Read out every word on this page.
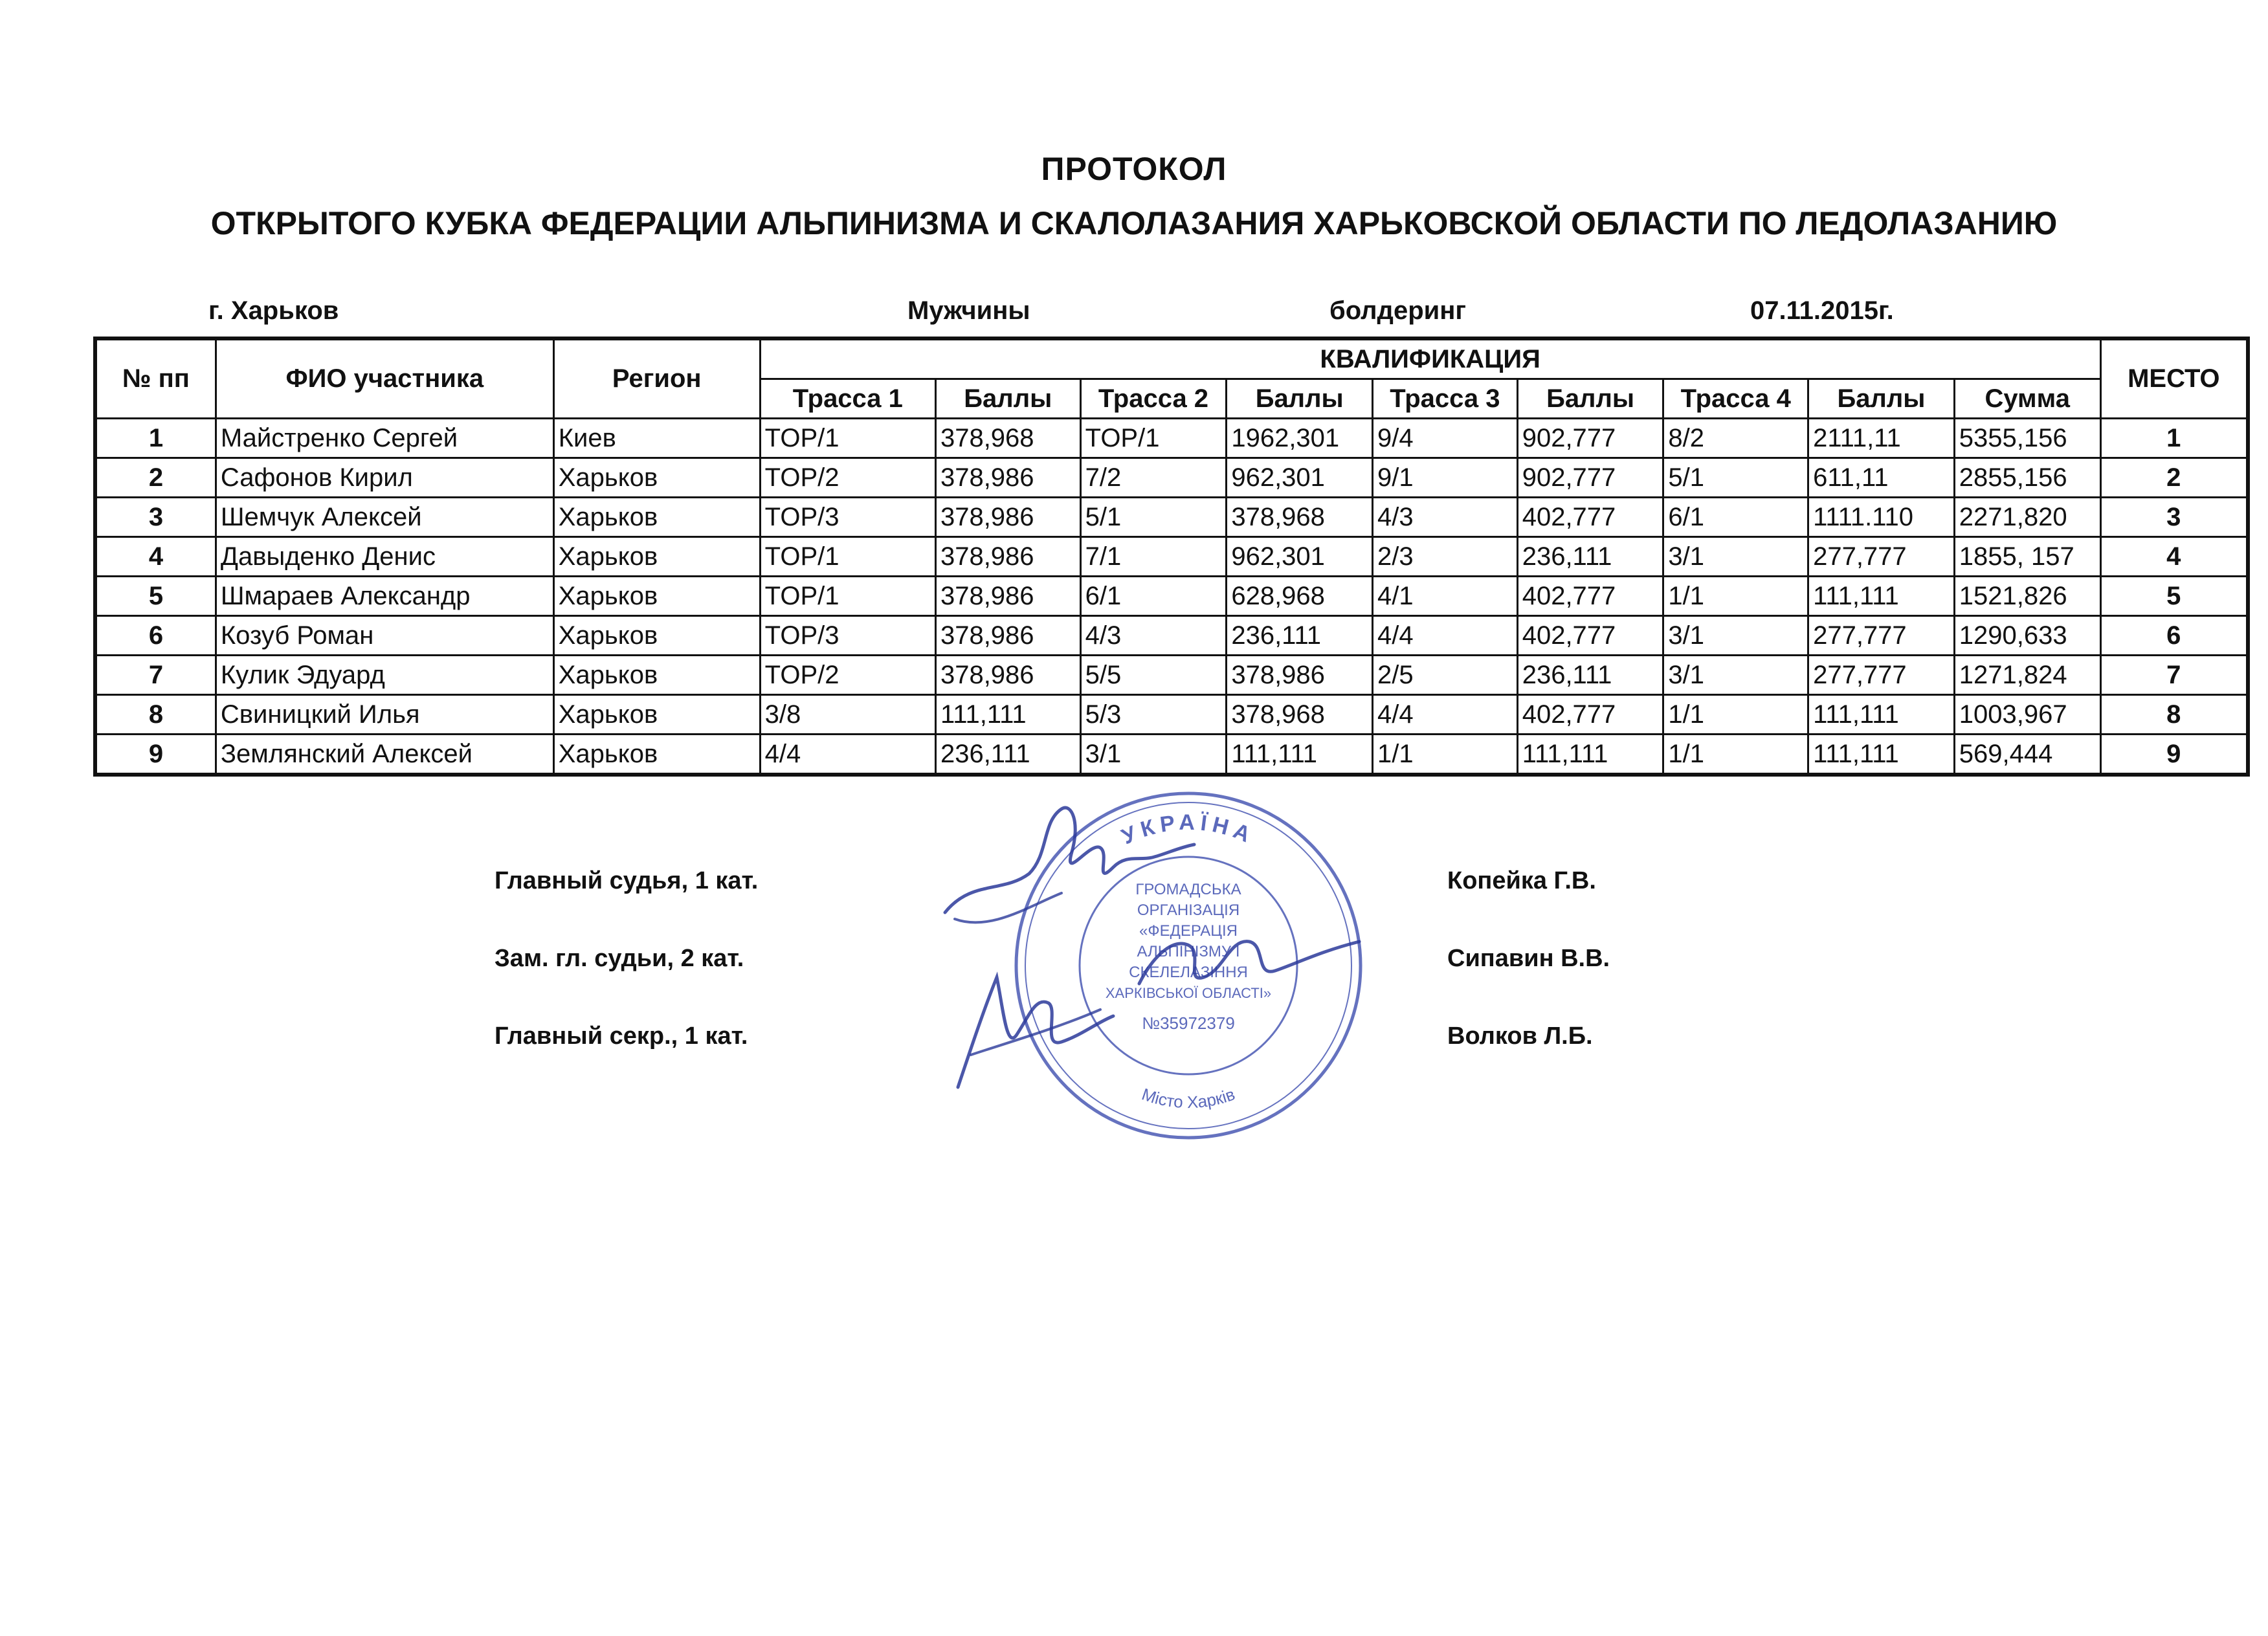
ПРОТОКОЛ
ОТКРЫТОГО КУБКА ФЕДЕРАЦИИ АЛЬПИНИЗМА И СКАЛОЛАЗАНИЯ ХАРЬКОВСКОЙ ОБЛАСТИ ПО ЛЕДОЛАЗАНИЮ
г. Харьков	Мужчины	болдеринг	07.11.2015г.
№ пп	ФИО участника	Регион	КВАЛИФИКАЦИЯ									МЕСТО
			Трасса 1	Баллы	Трасса 2	Баллы	Трасса 3	Баллы	Трасса 4	Баллы	Сумма	
1	Майстренко Сергей	Киев	TOP/1	378,968	TOP/1	1962,301	9/4	902,777	8/2	2111,11	5355,156	1
2	Сафонов Кирил	Харьков	TOP/2	378,986	7/2	962,301	9/1	902,777	5/1	611,11	2855,156	2
3	Шемчук Алексей	Харьков	TOP/3	378,986	5/1	378,968	4/3	402,777	6/1	1111.110	2271,820	3
4	Давыденко Денис	Харьков	TOP/1	378,986	7/1	962,301	2/3	236,111	3/1	277,777	1855, 157	4
5	Шмараев Александр	Харьков	TOP/1	378,986	6/1	628,968	4/1	402,777	1/1	111,111	1521,826	5
6	Козуб Роман	Харьков	TOP/3	378,986	4/3	236,111	4/4	402,777	3/1	277,777	1290,633	6
7	Кулик Эдуард	Харьков	TOP/2	378,986	5/5	378,986	2/5	236,111	3/1	277,777	1271,824	7
8	Свиницкий Илья	Харьков	3/8	111,111	5/3	378,968	4/4	402,777	1/1	111,111	1003,967	8
9	Землянский Алексей	Харьков	4/4	236,111	3/1	111,111	1/1	111,111	1/1	111,111	569,444	9
Главный судья, 1 кат.
Зам. гл. судьи, 2 кат.
Главный секр., 1 кат.
Копейка Г.В.
Сипавин В.В.
Волков Л.Б.
УКРАЇНА
Місто Харків
ГРОМАДСЬКА
ОРГАНІЗАЦІЯ
«ФЕДЕРАЦІЯ
АЛЬПІНІЗМУ І
СКЕЛЕЛАЗІННЯ
ХАРКІВСЬКОЇ ОБЛАСТІ»
№35972379
